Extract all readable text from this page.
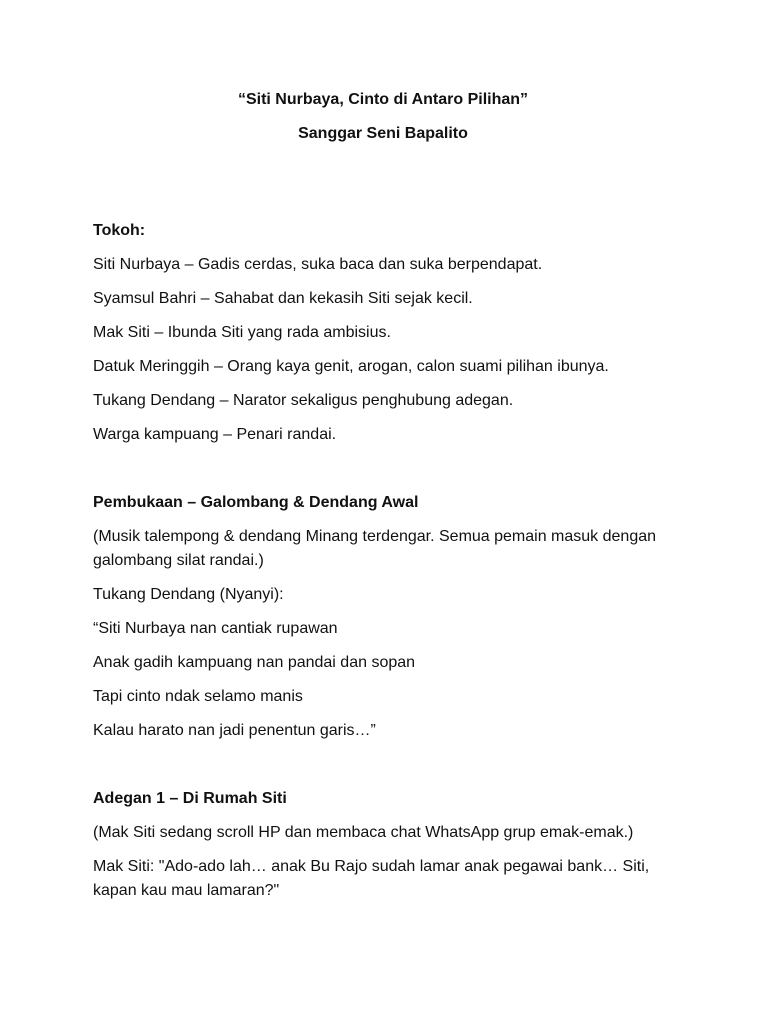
“Siti Nurbaya, Cinto di Antaro Pilihan”
Sanggar Seni Bapalito
Tokoh:
Siti Nurbaya – Gadis cerdas, suka baca dan suka berpendapat.
Syamsul Bahri – Sahabat dan kekasih Siti sejak kecil.
Mak Siti – Ibunda Siti yang rada ambisius.
Datuk Meringgih – Orang kaya genit, arogan, calon suami pilihan ibunya.
Tukang Dendang – Narator sekaligus penghubung adegan.
Warga kampuang – Penari randai.
Pembukaan – Galombang & Dendang Awal
(Musik talempong & dendang Minang terdengar. Semua pemain masuk dengan galombang silat randai.)
Tukang Dendang (Nyanyi):
“Siti Nurbaya nan cantiak rupawan
Anak gadih kampuang nan pandai dan sopan
Tapi cinto ndak selamo manis
Kalau harato nan jadi penentun garis…”
Adegan 1 – Di Rumah Siti
(Mak Siti sedang scroll HP dan membaca chat WhatsApp grup emak-emak.)
Mak Siti: "Ado-ado lah… anak Bu Rajo sudah lamar anak pegawai bank… Siti, kapan kau mau lamaran?"
